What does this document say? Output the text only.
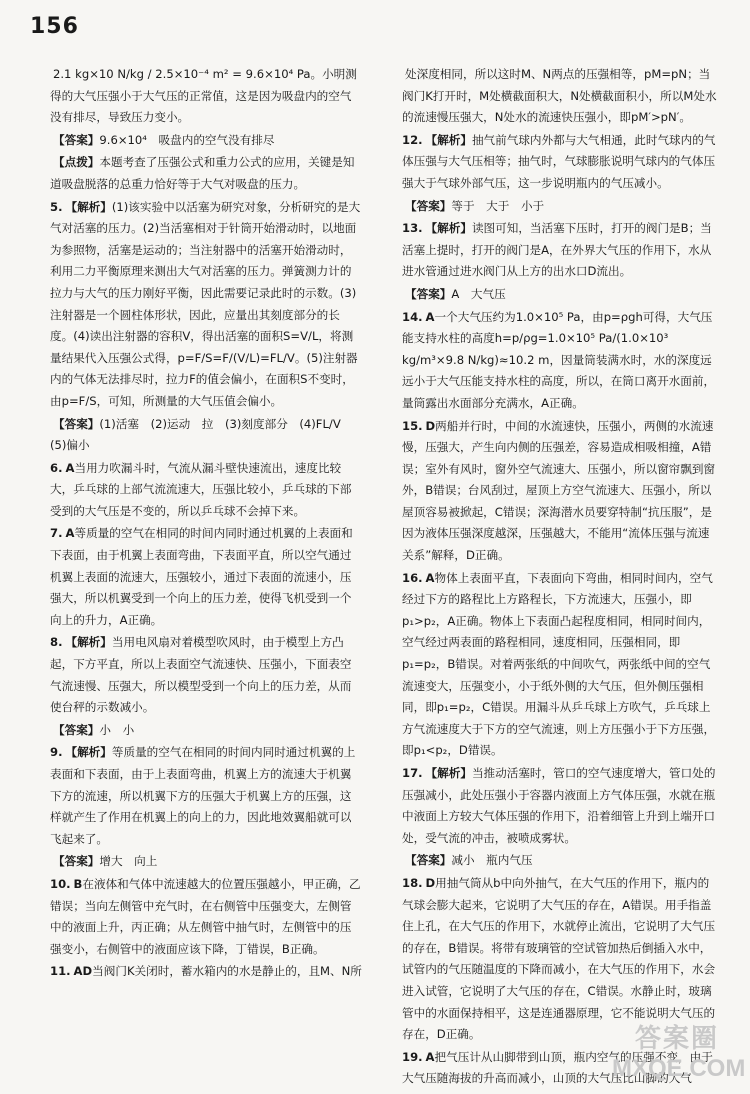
156

2.1 kg×10 N/kg / 2.5×10⁻⁴ m² = 9.6×10⁴ Pa。小明测得的大气压强小于大气压的正常值，这是因为吸盘内的空气没有排尽，导致压力变小。

【答案】9.6×10⁴　吸盘内的空气没有排尽

【点拨】本题考查了压强公式和重力公式的应用，关键是知道吸盘脱落的总重力恰好等于大气对吸盘的压力。

5. 【解析】(1)该实验中以活塞为研究对象，分析研究的是大气对活塞的压力。(2)当活塞相对于针筒开始滑动时，以地面为参照物，活塞是运动的；当注射器中的活塞开始滑动时，利用二力平衡原理来测出大气对活塞的压力。弹簧测力计的拉力与大气的压力刚好平衡，因此需要记录此时的示数。(3)注射器是一个圆柱体形状，因此，应量出其刻度部分的长度。(4)读出注射器的容积V，得出活塞的面积S=V/L，将测量结果代入压强公式得，p=F/S=F/(V/L)=FL/V。(5)注射器内的气体无法排尽时，拉力F的值会偏小，在面积S不变时，由p=F/S，可知，所测量的大气压值会偏小。

【答案】(1)活塞　(2)运动　拉　(3)刻度部分　(4)FL/V　(5)偏小

6. A当用力吹漏斗时，气流从漏斗壁快速流出，速度比较大，乒乓球的上部气流流速大，压强比较小，乒乓球的下部受到的大气压是不变的，所以乒乓球不会掉下来。

7. A等质量的空气在相同的时间内同时通过机翼的上表面和下表面，由于机翼上表面弯曲，下表面平直，所以空气通过机翼上表面的流速大，压强较小，通过下表面的流速小，压强大，所以机翼受到一个向上的压力差，使得飞机受到一个向上的升力，A正确。

8. 【解析】当用电风扇对着模型吹风时，由于模型上方凸起，下方平直，所以上表面空气流速快、压强小，下面表空气流速慢、压强大，所以模型受到一个向上的压力差，从而使台秤的示数减小。

【答案】小　小

9. 【解析】等质量的空气在相同的时间内同时通过机翼的上表面和下表面，由于上表面弯曲，机翼上方的流速大于机翼下方的流速，所以机翼下方的压强大于机翼上方的压强，这样就产生了作用在机翼上的向上的力，因此地效翼船就可以飞起来了。

【答案】增大　向上

10. B在液体和气体中流速越大的位置压强越小，甲正确，乙错误；当向左侧管中充气时，在右侧管中压强变大，左侧管中的液面上升，丙正确；从左侧管中抽气时，左侧管中的压强变小，右侧管中的液面应该下降，丁错误，B正确。

11. AD当阀门K关闭时，蓄水箱内的水是静止的，且M、N所

处深度相同，所以这时M、N两点的压强相等，pM=pN；当阀门K打开时，M处横截面积大，N处横截面积小，所以M处水的流速慢压强大，N处水的流速快压强小，即pM′>pN′。

12. 【解析】抽气前气球内外都与大气相通，此时气球内的气体压强与大气压相等；抽气时，气球膨胀说明气球内的气体压强大于气球外部气压，这一步说明瓶内的气压减小。

【答案】等于　大于　小于

13. 【解析】读图可知，当活塞下压时，打开的阀门是B；当活塞上提时，打开的阀门是A，在外界大气压的作用下，水从进水管通过进水阀门从上方的出水口D流出。

【答案】A　大气压

14. A一个大气压约为1.0×10⁵ Pa，由p=ρgh可得，大气压能支持水柱的高度h=p/ρg=1.0×10⁵ Pa/(1.0×10³ kg/m³×9.8 N/kg)≈10.2 m，因量筒装满水时，水的深度远远小于大气压能支持水柱的高度，所以，在筒口离开水面前，量筒露出水面部分充满水，A正确。

15. D两船并行时，中间的水流速快，压强小，两侧的水流速慢，压强大，产生向内侧的压强差，容易造成相吸相撞，A错误；室外有风时，窗外空气流速大、压强小，所以窗帘飘到窗外，B错误；台风刮过，屋顶上方空气流速大、压强小，所以屋顶容易被掀起，C错误；深海潜水员要穿特制“抗压服”，是因为液体压强深度越深，压强越大，不能用“流体压强与流速关系”解释，D正确。

16. A物体上表面平直，下表面向下弯曲，相同时间内，空气经过下方的路程比上方路程长，下方流速大，压强小，即p₁>p₂，A正确。物体上下表面凸起程度相同，相同时间内，空气经过两表面的路程相同，速度相同，压强相同，即p₁=p₂，B错误。对着两张纸的中间吹气，两张纸中间的空气流速变大，压强变小，小于纸外侧的大气压，但外侧压强相同，即p₁=p₂，C错误。用漏斗从乒乓球上方吹气，乒乓球上方气流速度大于下方的空气流速，则上方压强小于下方压强，即p₁<p₂，D错误。

17. 【解析】当推动活塞时，管口的空气速度增大，管口处的压强减小，此处压强小于容器内液面上方气体压强，水就在瓶中液面上方较大气体压强的作用下，沿着细管上升到上端开口处，受气流的冲击，被喷成雾状。

【答案】减小　瓶内气压

18. D用抽气筒从b中向外抽气，在大气压的作用下，瓶内的气球会膨大起来，它说明了大气压的存在，A错误。用手指盖住上孔，在大气压的作用下，水就停止流出，它说明了大气压的存在，B错误。将带有玻璃管的空试管加热后倒插入水中，试管内的气压随温度的下降而减小，在大气压的作用下，水会进入试管，它说明了大气压的存在，C错误。水静止时，玻璃管中的水面保持相平，这是连通器原理，它不能说明大气压的存在，D正确。

19. A把气压计从山脚带到山顶，瓶内空气的压强不变，由于大气压随海拔的升高而减小，山顶的大气压比山脚的大气

答案圈
MXQE.COM
